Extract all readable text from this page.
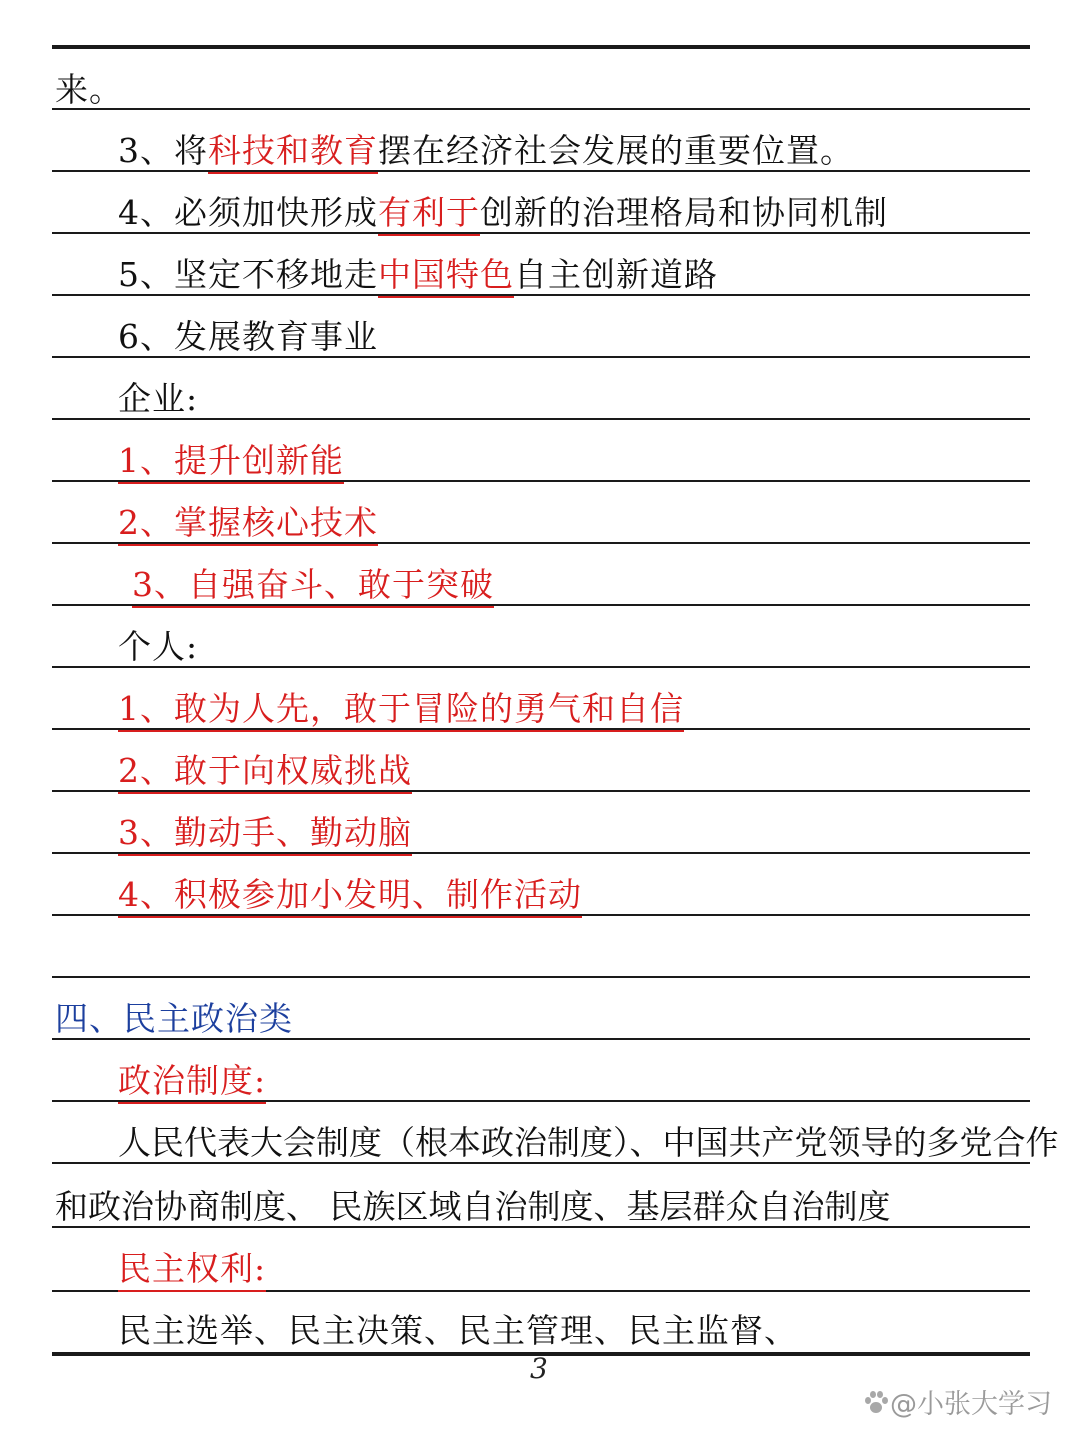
来。
3、将科技和教育摆在经济社会发展的重要位置。
4、必须加快形成有利于创新的治理格局和协同机制
5、坚定不移地走中国特色自主创新道路
6、发展教育事业
企业:
1、提升创新能
2、掌握核心技术
3、自强奋斗、敢于突破
个人:
1、敢为人先，敢于冒险的勇气和自信
2、敢于向权威挑战
3、勤动手、勤动脑
4、积极参加小发明、制作活动
四、民主政治类
政治制度:
人民代表大会制度（根本政治制度）、中国共产党领导的多党合作
和政治协商制度、 民族区域自治制度、基层群众自治制度
民主权利:
民主选举、民主决策、民主管理、民主监督、
3
@小张大学习
